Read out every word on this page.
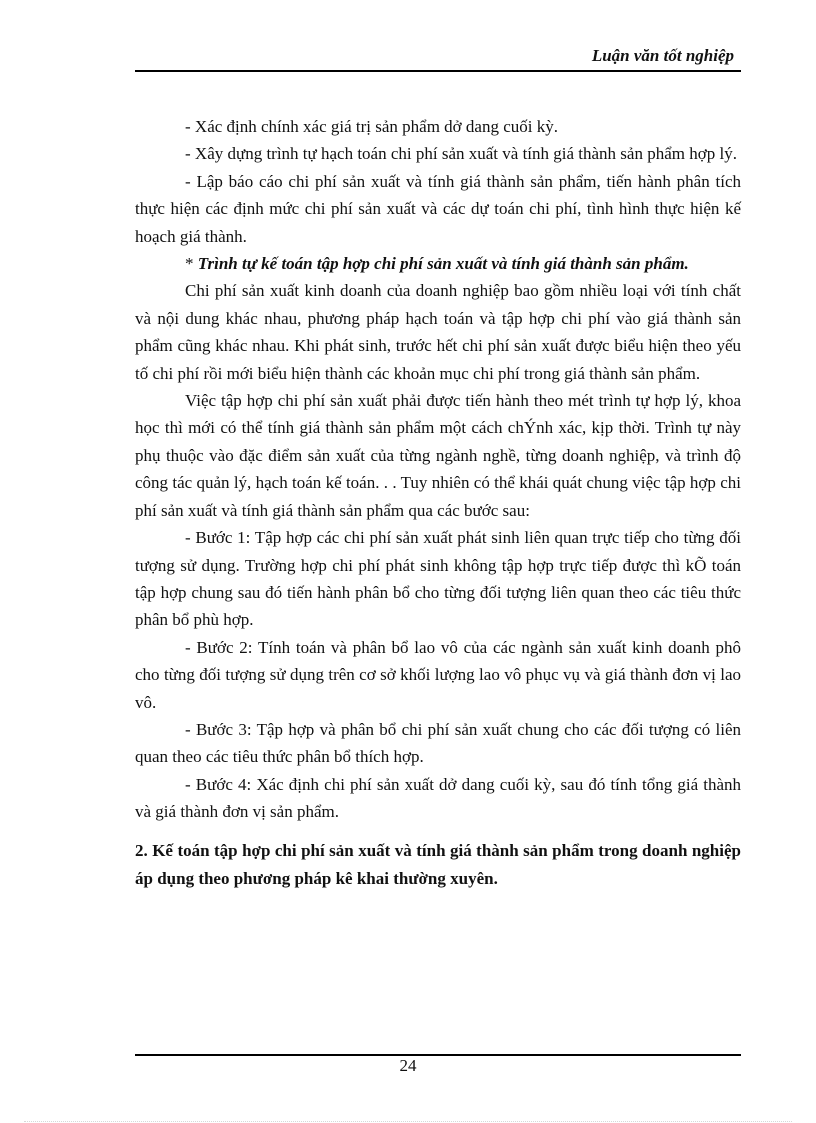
Luận văn tốt nghiệp

- Xác định chính xác giá trị sản phẩm dở dang cuối kỳ.

- Xây dựng trình tự hạch toán chi phí sản xuất và tính giá thành sản phẩm hợp lý.

- Lập báo cáo chi phí sản xuất và tính giá thành sản phẩm, tiến hành phân tích thực hiện các định mức chi phí sản xuất và các dự toán chi phí, tình hình thực hiện kế hoạch giá thành.

* Trình tự kế toán tập hợp chi phí sản xuất và tính giá thành sản phẩm.

Chi phí sản xuất kinh doanh của doanh nghiệp bao gồm nhiều loại với tính chất và nội dung khác nhau, phương pháp hạch toán và tập hợp chi phí vào giá thành sản phẩm cũng khác nhau. Khi phát sinh, trước hết chi phí sản xuất được biểu hiện theo yếu tố chi phí rồi mới biểu hiện thành các khoản mục chi phí trong giá thành sản phẩm.

Việc tập hợp chi phí sản xuất phải được tiến hành theo mét trình tự hợp lý, khoa học thì mới có thể tính giá thành sản phẩm một cách chÝnh xác, kịp thời. Trình tự này phụ thuộc vào đặc điểm sản xuất của từng ngành nghề, từng doanh nghiệp, và trình độ công tác quản lý, hạch toán kế toán. . . Tuy nhiên có thể khái quát chung việc tập hợp chi phí sản xuất và tính giá thành sản phẩm qua các bước sau:

- Bước 1: Tập hợp các chi phí sản xuất phát sinh liên quan trực tiếp cho từng đối tượng sử dụng. Trường hợp chi phí phát sinh không tập hợp trực tiếp được thì kÕ toán tập hợp chung sau đó tiến hành phân bổ cho từng đối tượng liên quan theo các tiêu thức phân bổ phù hợp.

- Bước 2: Tính toán và phân bổ lao vô của các ngành sản xuất kinh doanh phô cho từng đối tượng sử dụng trên cơ sở khối lượng lao vô phục vụ và giá thành đơn vị lao vô.

- Bước 3: Tập hợp và phân bổ chi phí sản xuất chung cho các đối tượng có liên quan theo các tiêu thức phân bổ thích hợp.

- Bước 4: Xác định chi phí sản xuất dở dang cuối kỳ, sau đó tính tổng giá thành và giá thành đơn vị sản phẩm.

2. Kế toán tập hợp chi phí sản xuất và tính giá thành sản phẩm trong doanh nghiệp áp dụng theo phương pháp kê khai thường xuyên.

24
